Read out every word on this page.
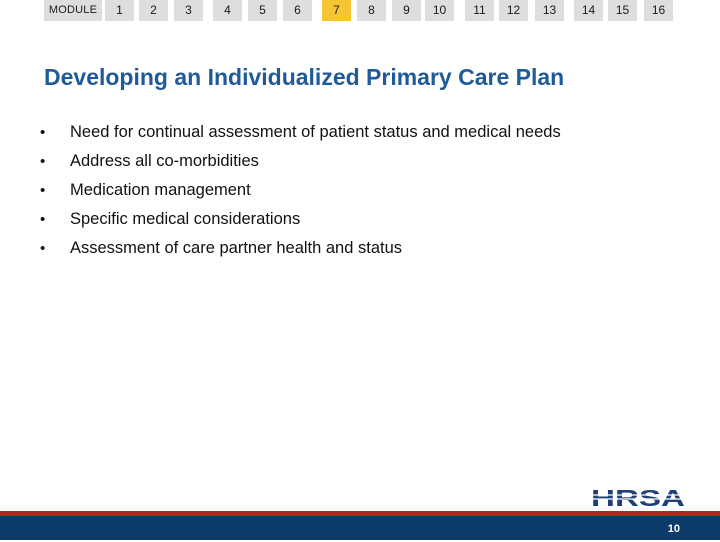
MODULE	1	2	3	4	5	6	7	8	9	10	11	12	13	14	15	16
Developing an Individualized Primary Care Plan
•	Need for continual assessment of patient status and medical needs
•	Address all co-morbidities
•	Medication management
•	Specific medical considerations
•	Assessment of care partner health and status
HRSA
10
